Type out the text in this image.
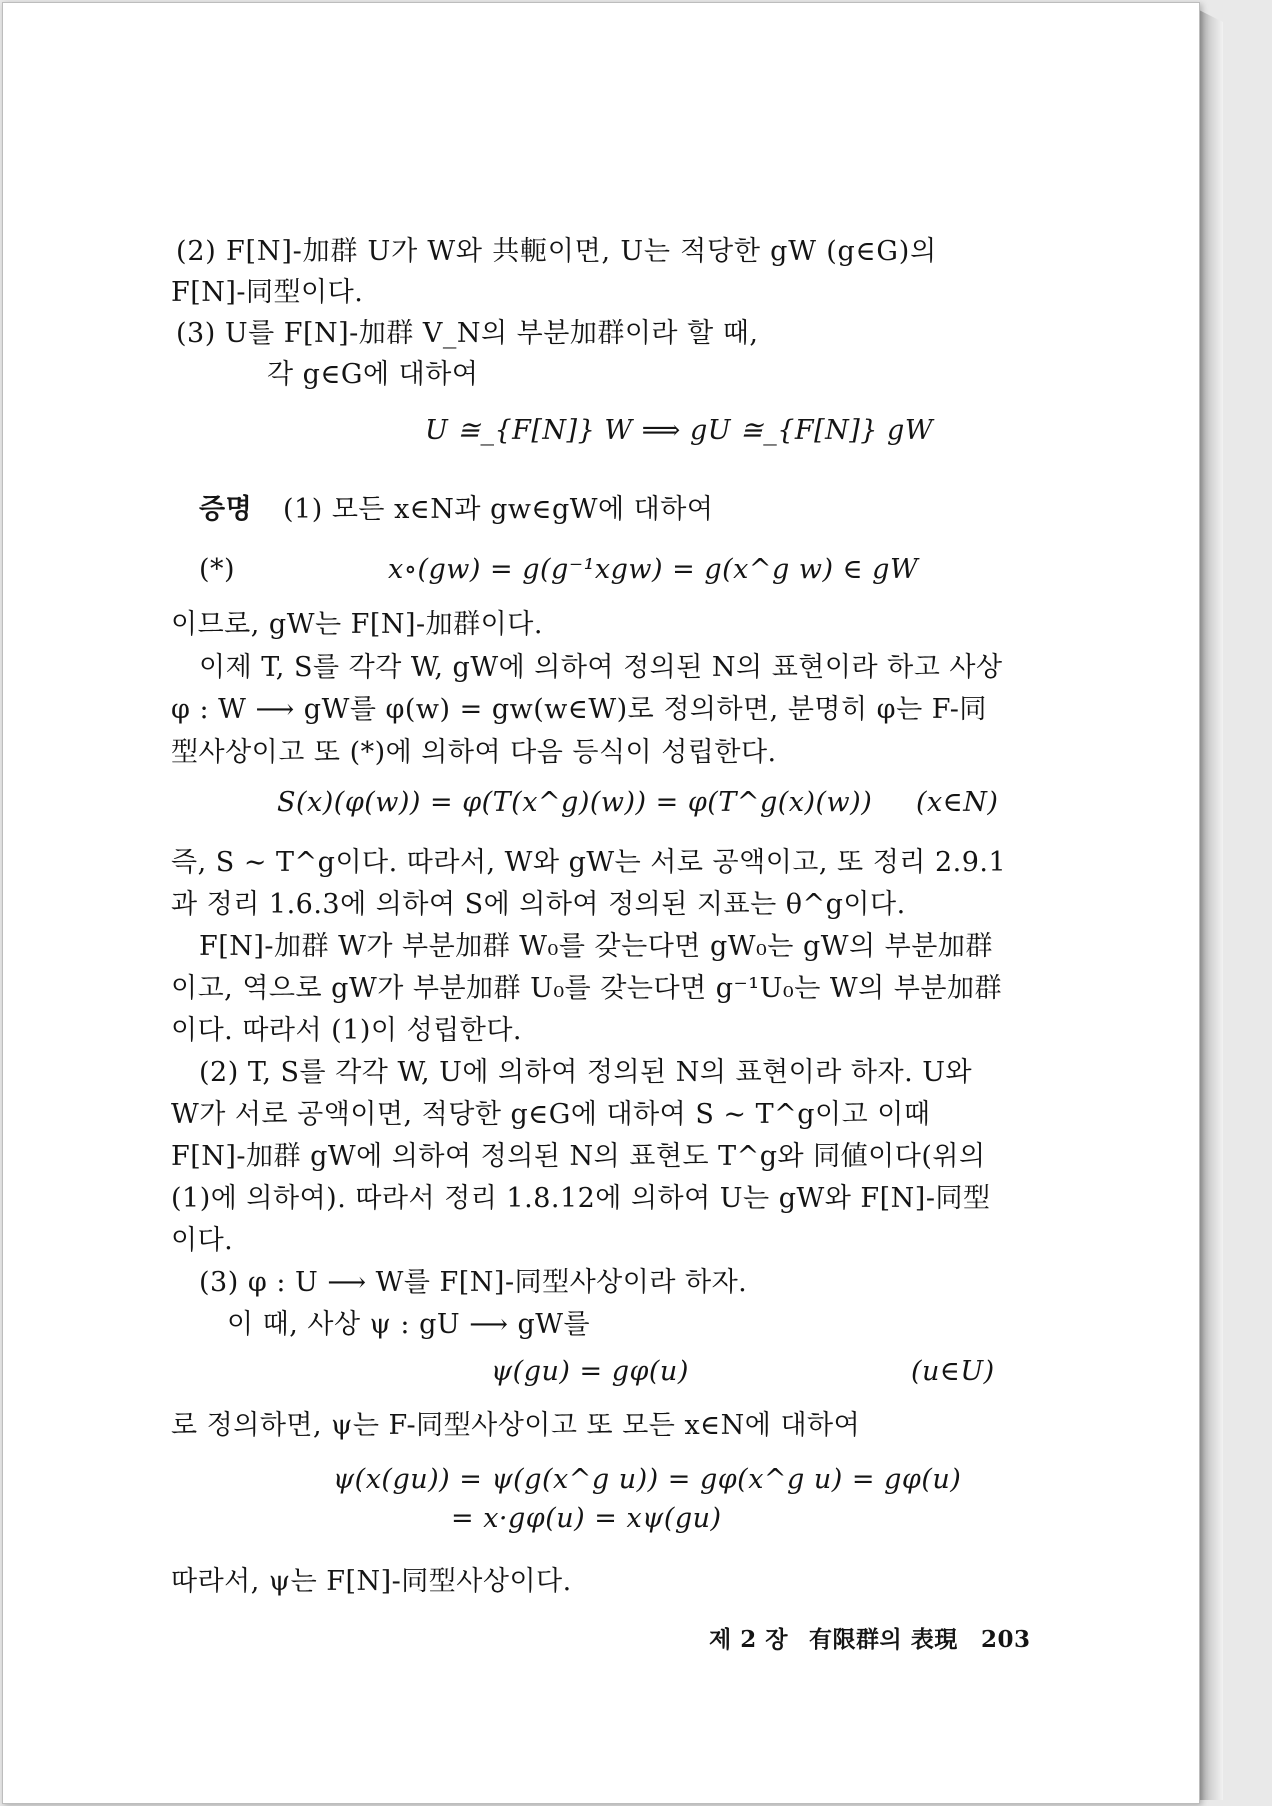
(2) F[N]-加群 U가 W와 共軛이면, U는 적당한 gW (g∈G)의
F[N]-同型이다.
(3) U를 F[N]-加群 V_N의 부분加群이라 할 때,
각 g∈G에 대하여
U ≅_{F[N]} W ⟹ gU ≅_{F[N]} gW
증명 (1) 모든 x∈N과 gw∈gW에 대하여
(*)	x∘(gw) = g(g⁻¹xgw) = g(x^g w) ∈ gW
이므로, gW는 F[N]-加群이다.
이제 T, S를 각각 W, gW에 의하여 정의된 N의 표현이라 하고 사상
φ : W ⟶ gW를 φ(w) = gw(w∈W)로 정의하면, 분명히 φ는 F-同
型사상이고 또 (*)에 의하여 다음 등식이 성립한다.
S(x)(φ(w)) = φ(T(x^g)(w)) = φ(T^g(x)(w)) (x∈N)
즉, S ∼ T^g이다. 따라서, W와 gW는 서로 공액이고, 또 정리 2.9.1
과 정리 1.6.3에 의하여 S에 의하여 정의된 지표는 θ^g이다.
F[N]-加群 W가 부분加群 W₀를 갖는다면 gW₀는 gW의 부분加群
이고, 역으로 gW가 부분加群 U₀를 갖는다면 g⁻¹U₀는 W의 부분加群
이다. 따라서 (1)이 성립한다.
(2) T, S를 각각 W, U에 의하여 정의된 N의 표현이라 하자. U와
W가 서로 공액이면, 적당한 g∈G에 대하여 S ∼ T^g이고 이때
F[N]-加群 gW에 의하여 정의된 N의 표현도 T^g와 同値이다(위의
(1)에 의하여). 따라서 정리 1.8.12에 의하여 U는 gW와 F[N]-同型
이다.
(3) φ : U ⟶ W를 F[N]-同型사상이라 하자.
이 때, 사상 ψ : gU ⟶ gW를
ψ(gu) = gφ(u)	(u∈U)
로 정의하면, ψ는 F-同型사상이고 또 모든 x∈N에 대하여
ψ(x(gu)) = ψ(g(x^g u)) = gφ(x^g u) = gφ(u)
= x·gφ(u) = xψ(gu)
따라서, ψ는 F[N]-同型사상이다.
제 2 장 有限群의 表現 203
